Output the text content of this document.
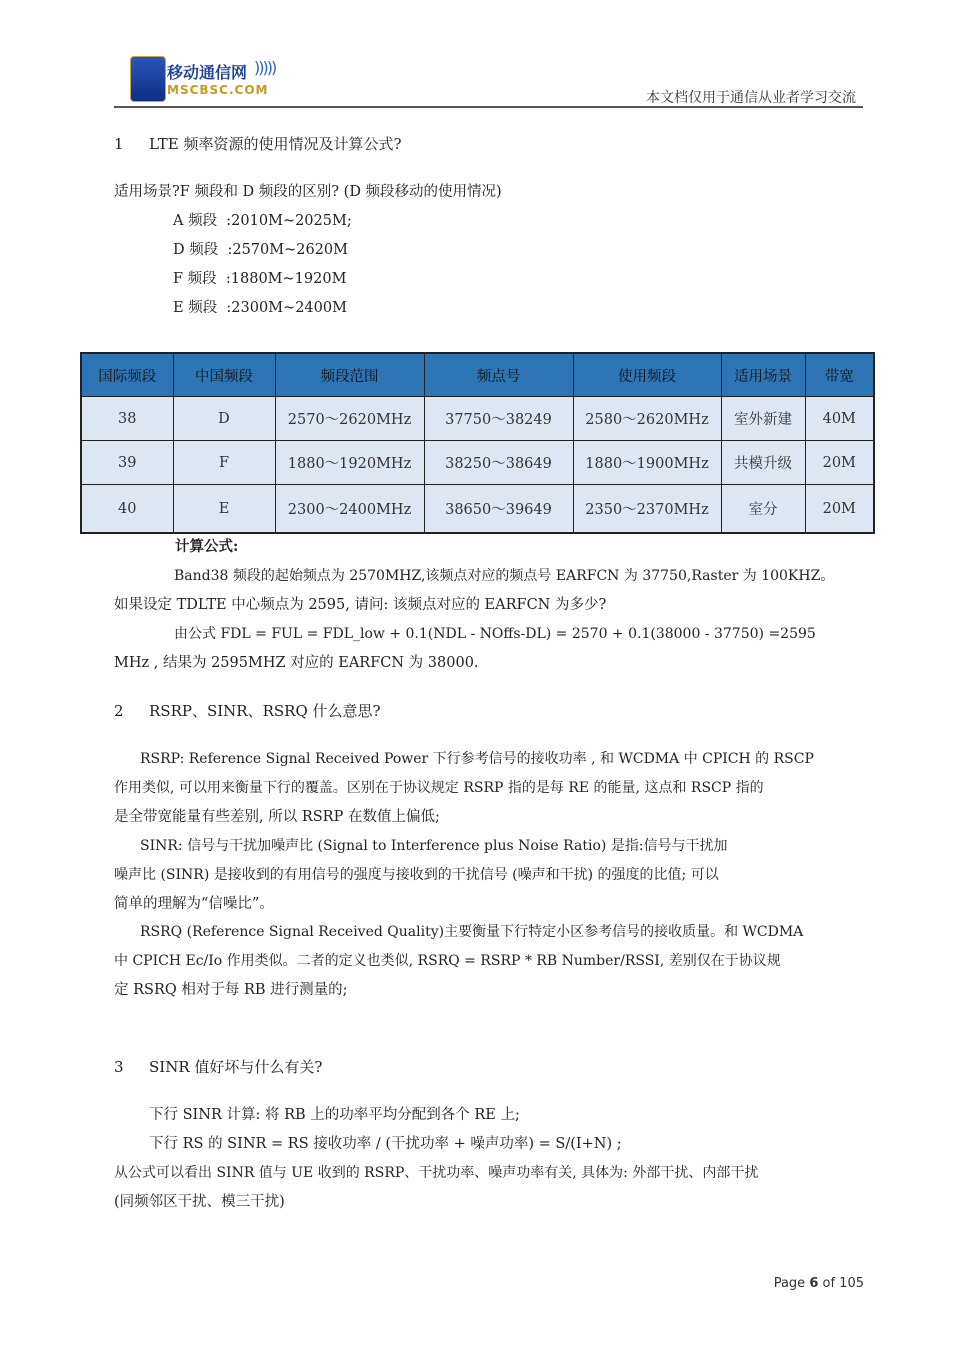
移动通信网 )))))
MSCBSC.COM	本文档仅用于通信从业者学习交流
1 LTE 频率资源的使用情况及计算公式?
适用场景?F 频段和 D 频段的区别? (D 频段移动的使用情况)
A 频段  :2010M~2025M;
D 频段  :2570M~2620M
F 频段  :1880M~1920M
E 频段  :2300M~2400M
国际频段	中国频段	频段范围	频点号	使用频段	适用场景	带宽
38	D	2570～2620MHz	37750～38249	2580～2620MHz	室外新建	40M
39	F	1880～1920MHz	38250～38649	1880～1900MHz	共模升级	20M
40	E	2300～2400MHz	38650～39649	2350～2370MHz	室分	20M
计算公式:
Band38 频段的起始频点为 2570MHZ,该频点对应的频点号 EARFCN 为 37750,Raster 为 100KHZ。
如果设定 TDLTE 中心频点为 2595, 请问: 该频点对应的 EARFCN 为多少?
由公式 FDL = FUL = FDL_low + 0.1(NDL - NOffs-DL) = 2570 + 0.1(38000 - 37750) =2595
MHz , 结果为 2595MHZ 对应的 EARFCN 为 38000.
2 RSRP、SINR、RSRQ 什么意思?
RSRP: Reference Signal Received Power 下行参考信号的接收功率 , 和 WCDMA 中 CPICH 的 RSCP
作用类似, 可以用来衡量下行的覆盖。区别在于协议规定 RSRP 指的是每 RE 的能量, 这点和 RSCP 指的
是全带宽能量有些差别, 所以 RSRP 在数值上偏低;
SINR: 信号与干扰加噪声比 (Signal to Interference plus Noise Ratio) 是指:信号与干扰加
噪声比 (SINR) 是接收到的有用信号的强度与接收到的干扰信号 (噪声和干扰) 的强度的比值; 可以
简单的理解为“信噪比”。
RSRQ (Reference Signal Received Quality)主要衡量下行特定小区参考信号的接收质量。和 WCDMA
中 CPICH Ec/Io 作用类似。二者的定义也类似, RSRQ = RSRP * RB Number/RSSI, 差别仅在于协议规
定 RSRQ 相对于每 RB 进行测量的;
3 SINR 值好坏与什么有关?
下行 SINR 计算: 将 RB 上的功率平均分配到各个 RE 上;
下行 RS 的 SINR = RS 接收功率 / (干扰功率 + 噪声功率) = S/(I+N) ;
从公式可以看出 SINR 值与 UE 收到的 RSRP、干扰功率、噪声功率有关, 具体为: 外部干扰、内部干扰
(同频邻区干扰、模三干扰)
Page 6 of 105
